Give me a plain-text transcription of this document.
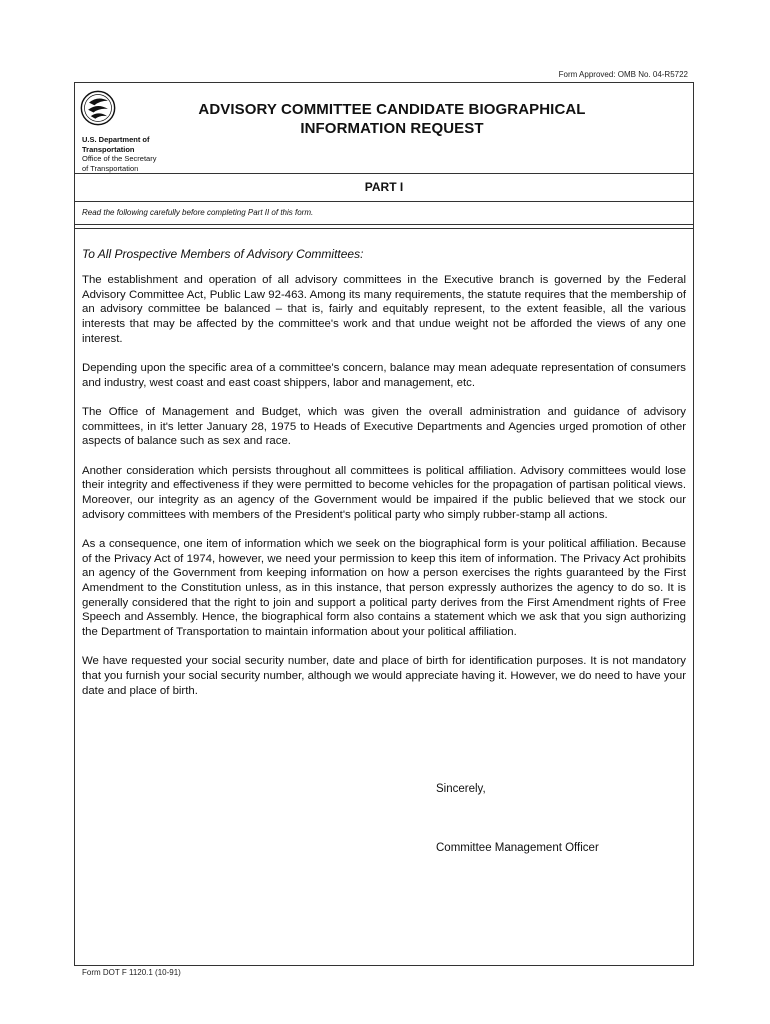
Form Approved: OMB No. 04-R5722
U.S. Department of
Transportation
Office of the Secretary
of Transportation
ADVISORY COMMITTEE CANDIDATE BIOGRAPHICAL
INFORMATION REQUEST
PART I
Read the following carefully before completing Part II of this form.

To All Prospective Members of Advisory Committees:

The establishment and operation of all advisory committees in the Executive branch is governed by the Federal Advisory Committee Act, Public Law 92-463. Among its many requirements, the statute requires that the membership of an advisory committee be balanced – that is, fairly and equitably represent, to the extent feasible, all the various interests that may be affected by the committee's work and that undue weight not be afforded the views of any one interest.

Depending upon the specific area of a committee's concern, balance may mean adequate representation of consumers and industry, west coast and east coast shippers, labor and management, etc.

The Office of Management and Budget, which was given the overall administration and guidance of advisory committees, in it's letter January 28, 1975 to Heads of Executive Departments and Agencies urged promotion of other aspects of balance such as sex and race.

Another consideration which persists throughout all committees is political affiliation. Advisory committees would lose their integrity and effectiveness if they were permitted to become vehicles for the propagation of partisan political views. Moreover, our integrity as an agency of the Government would be impaired if the public believed that we stock our advisory committees with members of the President's political party who simply rubber-stamp all actions.

As a consequence, one item of information which we seek on the biographical form is your political affiliation. Because of the Privacy Act of 1974, however, we need your permission to keep this item of information. The Privacy Act prohibits an agency of the Government from keeping information on how a person exercises the rights guaranteed by the First Amendment to the Constitution unless, as in this instance, that person expressly authorizes the agency to do so. It is generally considered that the right to join and support a political party derives from the First Amendment rights of Free Speech and Assembly. Hence, the biographical form also contains a statement which we ask that you sign authorizing the Department of Transportation to maintain information about your political affiliation.

We have requested your social security number, date and place of birth for identification purposes. It is not mandatory that you furnish your social security number, although we would appreciate having it. However, we do need to have your date and place of birth.

Sincerely,
Committee Management Officer
Form DOT F 1120.1 (10-91)
